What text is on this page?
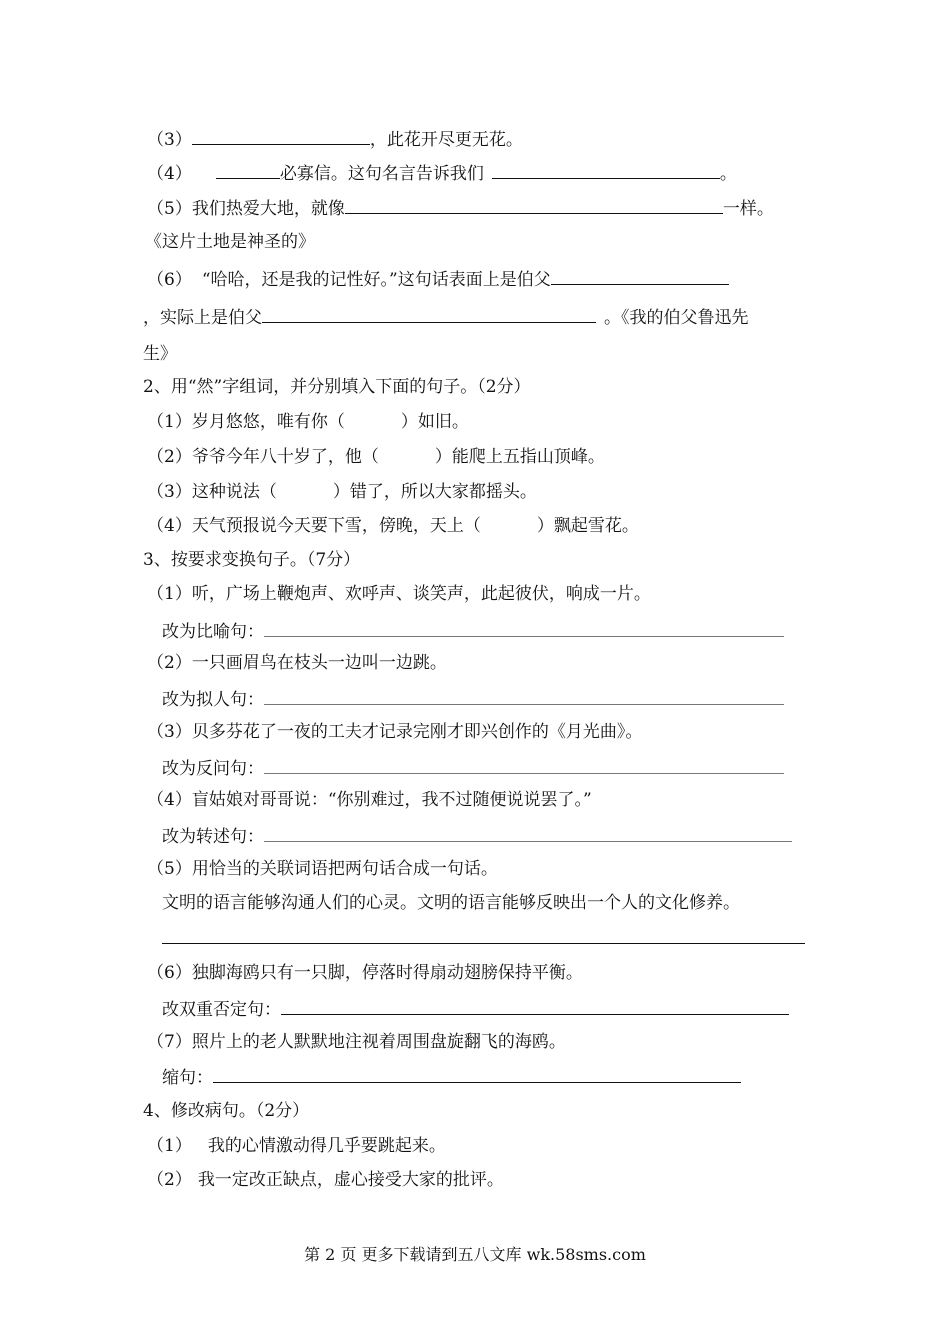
（3）	，此花开尽更无花。
（4）	必寡信。这句名言告诉我们	。
（5）我们热爱大地，就像	一样。
《这片土地是神圣的》
（6） “哈哈，还是我的记性好。”这句话表面上是伯父
，实际上是伯父	。《我的伯父鲁迅先
生》
2、用“然”字组词，并分别填入下面的句子。（2分）
（1）岁月悠悠，唯有你（	）如旧。
（2）爷爷今年八十岁了，他（	）能爬上五指山顶峰。
（3）这种说法（	）错了，所以大家都摇头。
（4）天气预报说今天要下雪，傍晚，天上（	）飘起雪花。
3、按要求变换句子。（7分）
（1）听，广场上鞭炮声、欢呼声、谈笑声，此起彼伏，响成一片。
改为比喻句：
（2）一只画眉鸟在枝头一边叫一边跳。
改为拟人句：
（3）贝多芬花了一夜的工夫才记录完刚才即兴创作的《月光曲》。
改为反问句：
（4）盲姑娘对哥哥说：“你别难过，我不过随便说说罢了。”
改为转述句：
（5）用恰当的关联词语把两句话合成一句话。
文明的语言能够沟通人们的心灵。文明的语言能够反映出一个人的文化修养。
（6）独脚海鸥只有一只脚，停落时得扇动翅膀保持平衡。
改双重否定句：
（7）照片上的老人默默地注视着周围盘旋翻飞的海鸥。
缩句：
4、修改病句。（2分）
（1） 我的心情激动得几乎要跳起来。
（2） 我一定改正缺点，虚心接受大家的批评。
第 2 页 更多下载请到五八文库 wk.58sms.com
